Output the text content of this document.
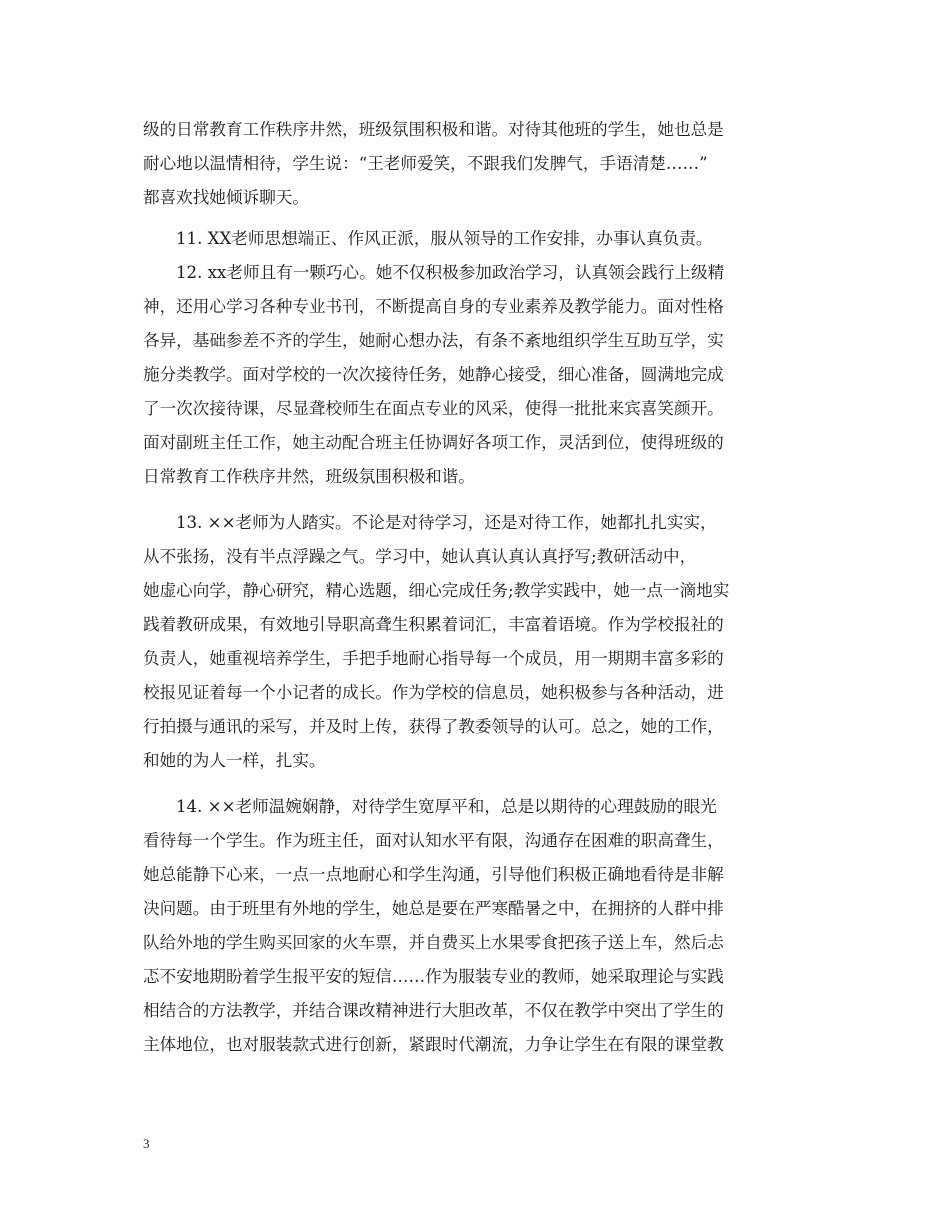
级的日常教育工作秩序井然，班级氛围积极和谐。对待其他班的学生，她也总是
耐心地以温情相待，学生说：“王老师爱笑，不跟我们发脾气，手语清楚……”
都喜欢找她倾诉聊天。
11. XX老师思想端正、作风正派，服从领导的工作安排，办事认真负责。
12. xx老师且有一颗巧心。她不仅积极参加政治学习，认真领会践行上级精
神，还用心学习各种专业书刊，不断提高自身的专业素养及教学能力。面对性格
各异，基础参差不齐的学生，她耐心想办法，有条不紊地组织学生互助互学，实
施分类教学。面对学校的一次次接待任务，她静心接受，细心准备，圆满地完成
了一次次接待课，尽显聋校师生在面点专业的风采，使得一批批来宾喜笑颜开。
面对副班主任工作，她主动配合班主任协调好各项工作，灵活到位，使得班级的
日常教育工作秩序井然，班级氛围积极和谐。
13. ××老师为人踏实。不论是对待学习，还是对待工作，她都扎扎实实，
从不张扬，没有半点浮躁之气。学习中，她认真认真认真抒写;教研活动中，
她虚心向学，静心研究，精心选题，细心完成任务;教学实践中，她一点一滴地实
践着教研成果，有效地引导职高聋生积累着词汇，丰富着语境。作为学校报社的
负责人，她重视培养学生，手把手地耐心指导每一个成员，用一期期丰富多彩的
校报见证着每一个小记者的成长。作为学校的信息员，她积极参与各种活动，进
行拍摄与通讯的采写，并及时上传，获得了教委领导的认可。总之，她的工作，
和她的为人一样，扎实。
14. ××老师温婉娴静，对待学生宽厚平和，总是以期待的心理鼓励的眼光
看待每一个学生。作为班主任，面对认知水平有限，沟通存在困难的职高聋生，
她总能静下心来，一点一点地耐心和学生沟通，引导他们积极正确地看待是非解
决问题。由于班里有外地的学生，她总是要在严寒酷暑之中，在拥挤的人群中排
队给外地的学生购买回家的火车票，并自费买上水果零食把孩子送上车，然后忐
忑不安地期盼着学生报平安的短信……作为服装专业的教师，她采取理论与实践
相结合的方法教学，并结合课改精神进行大胆改革，不仅在教学中突出了学生的
主体地位，也对服装款式进行创新，紧跟时代潮流，力争让学生在有限的课堂教
3
